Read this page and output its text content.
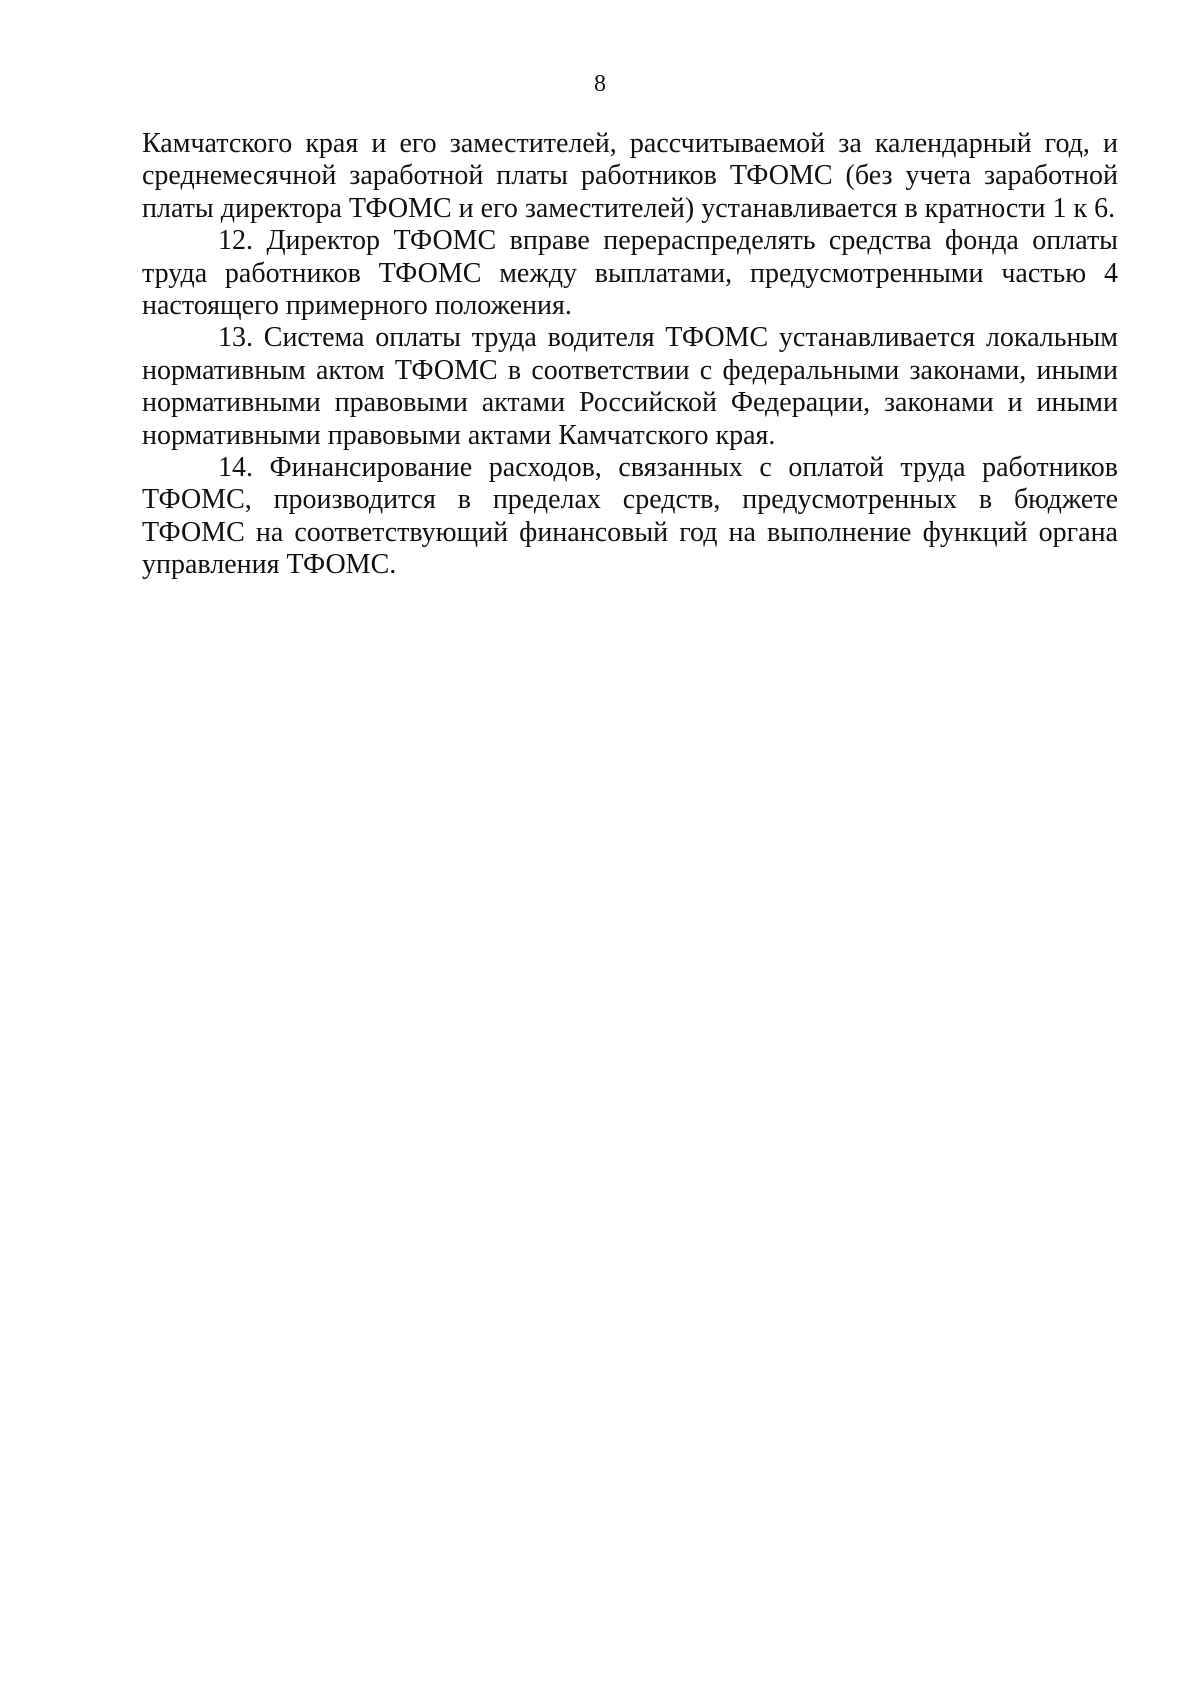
8

Камчатского края и его заместителей, рассчитываемой за календарный год, и среднемесячной заработной платы работников ТФОМС (без учета заработной платы директора ТФОМС и его заместителей) устанавливается в кратности 1 к 6.

12. Директор ТФОМС вправе перераспределять средства фонда оплаты труда работников ТФОМС между выплатами, предусмотренными частью 4 настоящего примерного положения.

13. Система оплаты труда водителя ТФОМС устанавливается локальным нормативным актом ТФОМС в соответствии с федеральными законами, иными нормативными правовыми актами Российской Федерации, законами и иными нормативными правовыми актами Камчатского края.

14. Финансирование расходов, связанных с оплатой труда работников ТФОМС, производится в пределах средств, предусмотренных в бюджете ТФОМС на соответствующий финансовый год на выполнение функций органа управления ТФОМС.
